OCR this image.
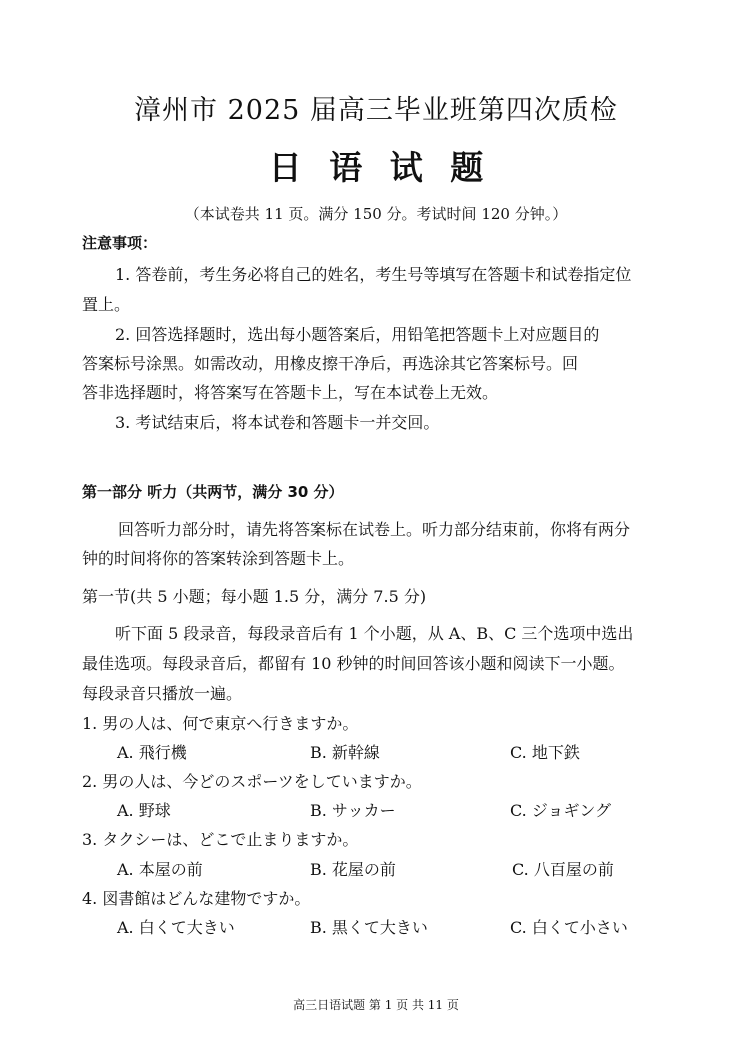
漳州市 2025 届高三毕业班第四次质检
日 语 试 题
（本试卷共 11 页。满分 150 分。考试时间 120 分钟。）
注意事项：
1. 答卷前，考生务必将自己的姓名，考生号等填写在答题卡和试卷指定位
置上。
2. 回答选择题时，选出每小题答案后，用铅笔把答题卡上对应题目的
答案标号涂黑。如需改动，用橡皮擦干净后，再选涂其它答案标号。回
答非选择题时，将答案写在答题卡上，写在本试卷上无效。
3. 考试结束后，将本试卷和答题卡一并交回。
第一部分 听力（共两节，满分 30 分）
回答听力部分时，请先将答案标在试卷上。听力部分结束前，你将有两分
钟的时间将你的答案转涂到答题卡上。
第一节(共 5 小题；每小题 1.5 分，满分 7.5 分)
听下面 5 段录音，每段录音后有 1 个小题，从 A、B、C 三个选项中选出
最佳选项。每段录音后，都留有 10 秒钟的时间回答该小题和阅读下一小题。
每段录音只播放一遍。
1. 男の人は、何で東京へ行きますか。
A. 飛行機	B. 新幹線	C. 地下鉄
2. 男の人は、今どのスポーツをしていますか。
A. 野球	B. サッカー	C. ジョギング
3. タクシーは、どこで止まりますか。
A. 本屋の前	B. 花屋の前	C. 八百屋の前
4. 図書館はどんな建物ですか。
A. 白くて大きい	B. 黒くて大きい	C. 白くて小さい
高三日语试题 第 1 页 共 11 页
